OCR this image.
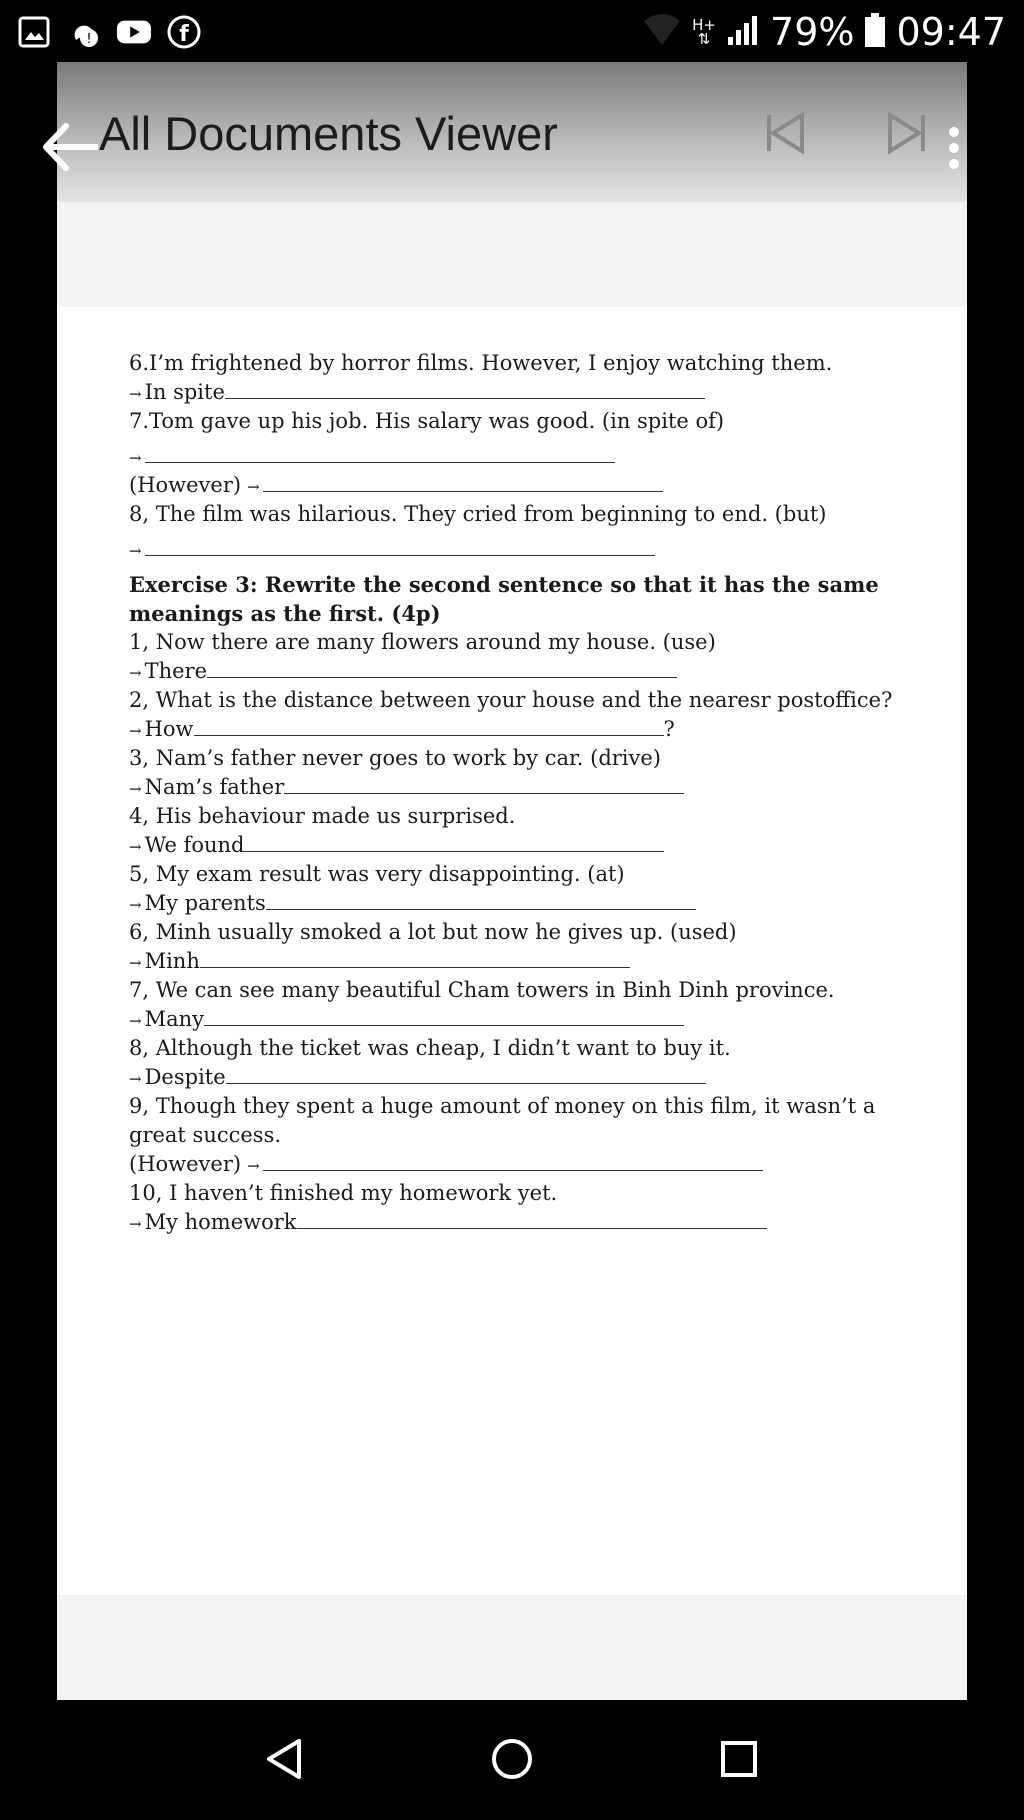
!	f	H+
⇅ 79% 09:47
All Documents Viewer
6.I’m frightened by horror films. However, I enjoy watching them.
→ In spite
7.Tom gave up his job. His salary was good. (in spite of)
→
(However) →
8, The film was hilarious. They cried from beginning to end. (but)
→
Exercise 3: Rewrite the second sentence so that it has the same
meanings as the first. (4p)
1, Now there are many flowers around my house. (use)
→ There
2, What is the distance between your house and the nearesr postoffice?
→ How	?
3, Nam’s father never goes to work by car. (drive)
→ Nam’s father
4, His behaviour made us surprised.
→ We found
5, My exam result was very disappointing. (at)
→ My parents
6, Minh usually smoked a lot but now he gives up. (used)
→ Minh
7, We can see many beautiful Cham towers in Binh Dinh province.
→ Many
8, Although the ticket was cheap, I didn’t want to buy it.
→ Despite
9, Though they spent a huge amount of money on this film, it wasn’t a
great success.
(However) →
10, I haven’t finished my homework yet.
→ My homework
